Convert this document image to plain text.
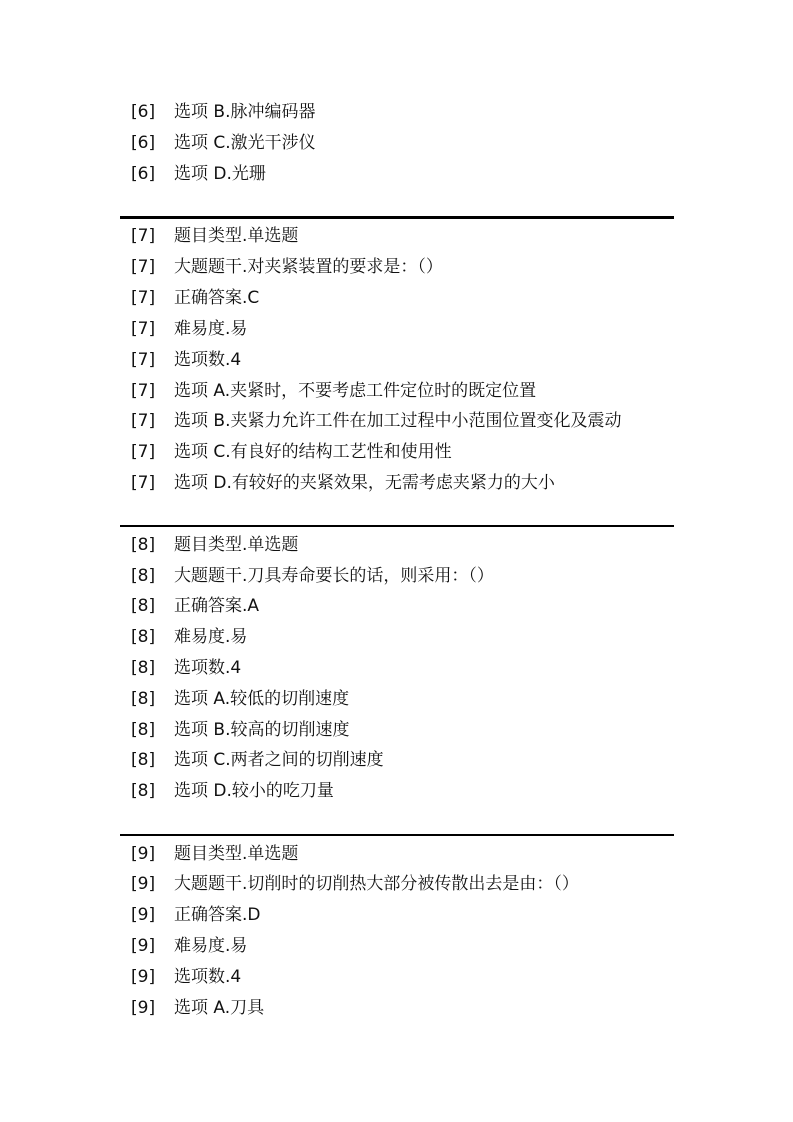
[6] 选项 B.脉冲编码器
[6] 选项 C.激光干涉仪
[6] 选项 D.光珊
[7] 题目类型.单选题
[7] 大题题干.对夹紧装置的要求是：（）
[7] 正确答案.C
[7] 难易度.易
[7] 选项数.4
[7] 选项 A.夹紧时，不要考虑工件定位时的既定位置
[7] 选项 B.夹紧力允许工件在加工过程中小范围位置变化及震动
[7] 选项 C.有良好的结构工艺性和使用性
[7] 选项 D.有较好的夹紧效果，无需考虑夹紧力的大小
[8] 题目类型.单选题
[8] 大题题干.刀具寿命要长的话，则采用：（）
[8] 正确答案.A
[8] 难易度.易
[8] 选项数.4
[8] 选项 A.较低的切削速度
[8] 选项 B.较高的切削速度
[8] 选项 C.两者之间的切削速度
[8] 选项 D.较小的吃刀量
[9] 题目类型.单选题
[9] 大题题干.切削时的切削热大部分被传散出去是由：（）
[9] 正确答案.D
[9] 难易度.易
[9] 选项数.4
[9] 选项 A.刀具
